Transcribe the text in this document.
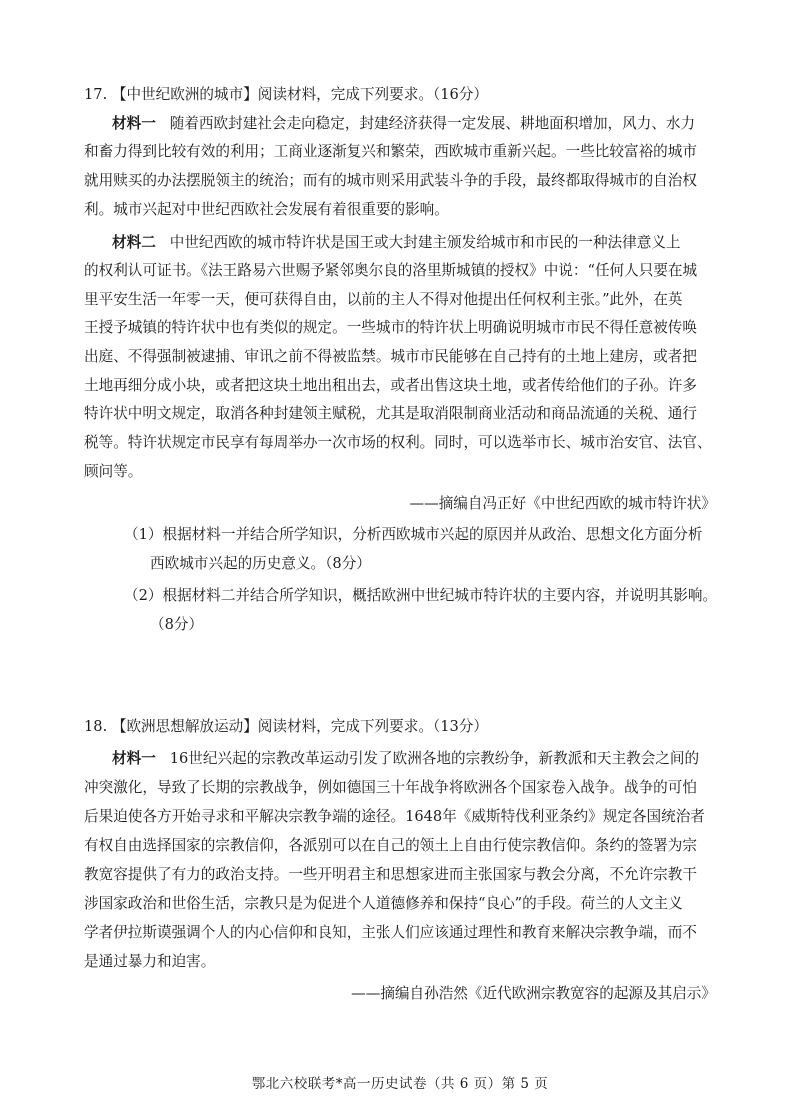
17. 【中世纪欧洲的城市】阅读材料，完成下列要求。（16分）
材料一 随着西欧封建社会走向稳定，封建经济获得一定发展、耕地面积增加，风力、水力
和畜力得到比较有效的利用；工商业逐渐复兴和繁荣，西欧城市重新兴起。一些比较富裕的城市
就用赎买的办法摆脱领主的统治；而有的城市则采用武装斗争的手段，最终都取得城市的自治权
利。城市兴起对中世纪西欧社会发展有着很重要的影响。
材料二 中世纪西欧的城市特许状是国王或大封建主颁发给城市和市民的一种法律意义上
的权利认可证书。《法王路易六世赐予紧邻奥尔良的洛里斯城镇的授权》中说：“任何人只要在城
里平安生活一年零一天，便可获得自由，以前的主人不得对他提出任何权利主张。”此外，在英
王授予城镇的特许状中也有类似的规定。一些城市的特许状上明确说明城市市民不得任意被传唤
出庭、不得强制被逮捕、审讯之前不得被监禁。城市市民能够在自己持有的土地上建房，或者把
土地再细分成小块，或者把这块土地出租出去，或者出售这块土地，或者传给他们的子孙。许多
特许状中明文规定，取消各种封建领主赋税，尤其是取消限制商业活动和商品流通的关税、通行
税等。特许状规定市民享有每周举办一次市场的权利。同时，可以选举市长、城市治安官、法官、
顾问等。
——摘编自冯正好《中世纪西欧的城市特许状》
（1）根据材料一并结合所学知识，分析西欧城市兴起的原因并从政治、思想文化方面分析
西欧城市兴起的历史意义。（8分）
（2）根据材料二并结合所学知识，概括欧洲中世纪城市特许状的主要内容，并说明其影响。
（8分）
18. 【欧洲思想解放运动】阅读材料，完成下列要求。（13分）
材料一 16世纪兴起的宗教改革运动引发了欧洲各地的宗教纷争，新教派和天主教会之间的
冲突激化，导致了长期的宗教战争，例如德国三十年战争将欧洲各个国家卷入战争。战争的可怕
后果迫使各方开始寻求和平解决宗教争端的途径。1648年《威斯特伐利亚条约》规定各国统治者
有权自由选择国家的宗教信仰，各派别可以在自己的领土上自由行使宗教信仰。条约的签署为宗
教宽容提供了有力的政治支持。一些开明君主和思想家进而主张国家与教会分离，不允许宗教干
涉国家政治和世俗生活，宗教只是为促进个人道德修养和保持“良心”的手段。荷兰的人文主义
学者伊拉斯谟强调个人的内心信仰和良知，主张人们应该通过理性和教育来解决宗教争端，而不
是通过暴力和迫害。
——摘编自孙浩然《近代欧洲宗教宽容的起源及其启示》
鄂北六校联考*高一历史试卷（共 6 页）第 5 页
